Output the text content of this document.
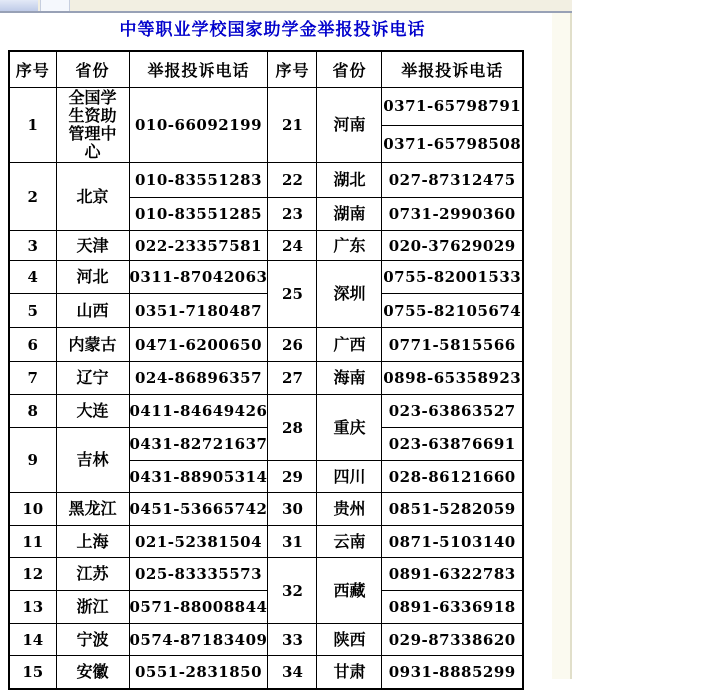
中等职业学校国家助学金举报投诉电话
序号	省份	举报投诉电话	序号	省份	举报投诉电话
1	全国学生资助管理中心	010-66092199	21	河南	0371-65798791
					0371-65798508
2	北京	010-83551283	22	湖北	027-87312475
		010-83551285	23	湖南	0731-2990360
3	天津	022-23357581	24	广东	020-37629029
4	河北	0311-87042063	25	深圳	0755-82001533
5	山西	0351-7180487			0755-82105674
6	内蒙古	0471-6200650	26	广西	0771-5815566
7	辽宁	024-86896357	27	海南	0898-65358923
8	大连	0411-84649426	28	重庆	023-63863527
9	吉林	0431-82721637			023-63876691
		0431-88905314	29	四川	028-86121660
10	黑龙江	0451-53665742	30	贵州	0851-5282059
11	上海	021-52381504	31	云南	0871-5103140
12	江苏	025-83335573	32	西藏	0891-6322783
13	浙江	0571-88008844			0891-6336918
14	宁波	0574-87183409	33	陕西	029-87338620
15	安徽	0551-2831850	34	甘肃	0931-8885299
